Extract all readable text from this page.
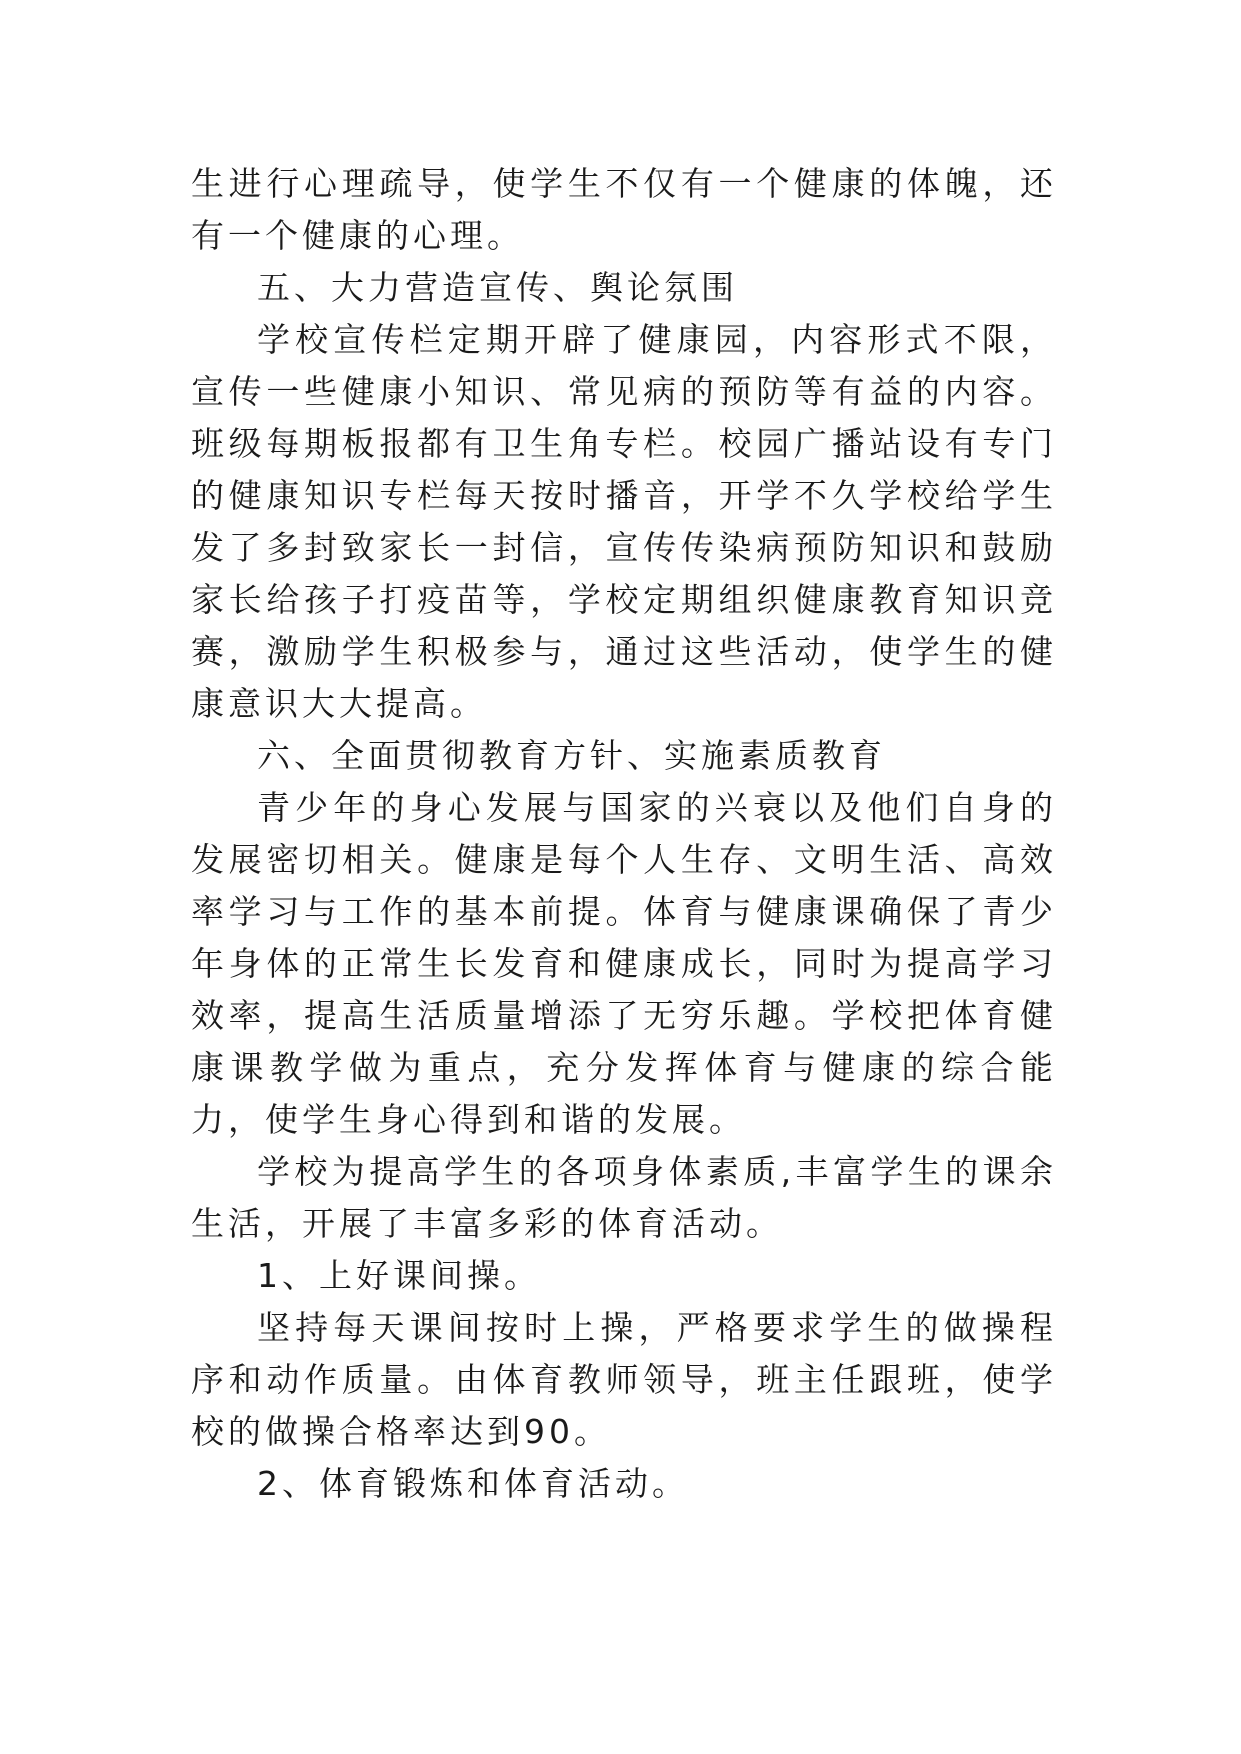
生进行心理疏导，使学生不仅有一个健康的体魄，还有一个健康的心理。

五、大力营造宣传、舆论氛围

学校宣传栏定期开辟了健康园，内容形式不限，宣传一些健康小知识、常见病的预防等有益的内容。班级每期板报都有卫生角专栏。校园广播站设有专门的健康知识专栏每天按时播音，开学不久学校给学生发了多封致家长一封信，宣传传染病预防知识和鼓励家长给孩子打疫苗等，学校定期组织健康教育知识竞赛，激励学生积极参与，通过这些活动，使学生的健康意识大大提高。

六、全面贯彻教育方针、实施素质教育

青少年的身心发展与国家的兴衰以及他们自身的发展密切相关。健康是每个人生存、文明生活、高效率学习与工作的基本前提。体育与健康课确保了青少年身体的正常生长发育和健康成长，同时为提高学习效率，提高生活质量增添了无穷乐趣。学校把体育健康课教学做为重点，充分发挥体育与健康的综合能力，使学生身心得到和谐的发展。

学校为提高学生的各项身体素质,丰富学生的课余生活，开展了丰富多彩的体育活动。

1、上好课间操。

坚持每天课间按时上操，严格要求学生的做操程序和动作质量。由体育教师领导，班主任跟班，使学校的做操合格率达到90。

2、体育锻炼和体育活动。
